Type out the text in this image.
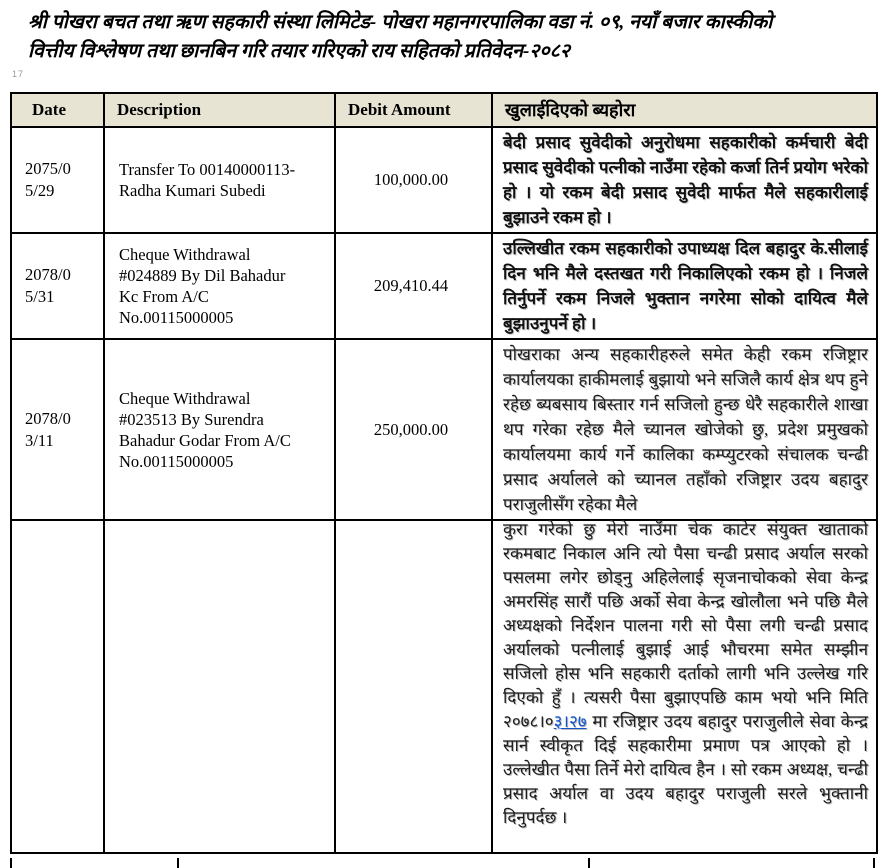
श्री पोखरा बचत तथा ऋण सहकारी संस्था लिमिटेड- पोखरा महानगरपालिका वडा नं. ०९, नयाँ बजार कास्कीको
वित्तीय विश्लेषण तथा छानबिन गरि तयार गरिएको राय सहितको प्रतिवेदन-२०८२
17
Date	Description	Debit Amount	खुलाईदिएको ब्यहोरा

2075/05/29	Transfer To 00140000113-Radha Kumari Subedi	100,000.00	बेदी प्रसाद सुवेदीको अनुरोधमा सहकारीको कर्मचारी बेदी प्रसाद सुवेदीको पत्नीको नाउँमा रहेको कर्जा तिर्न प्रयोग भरेको हो । यो रकम बेदी प्रसाद सुवेदी मार्फत मैले सहकारीलाई बुझाउने रकम हो ।

2078/05/31	Cheque Withdrawal #024889 By Dil Bahadur Kc From A/C No.00115000005	209,410.44	उल्लिखीत रकम सहकारीको उपाध्यक्ष दिल बहादुर के.सीलाई दिन भनि मैले दस्तखत गरी निकालिएको रकम हो । निजले तिर्नुपर्ने रकम निजले भुक्तान नगरेमा सोको दायित्व मैले बुझाउनुपर्ने हो ।

2078/03/11	Cheque Withdrawal #023513 By Surendra Bahadur Godar From A/C No.00115000005	250,000.00	पोखराका अन्य सहकारीहरुले समेत केही रकम रजिष्ट्रार कार्यालयका हाकीमलाई बुझायो भने सजिलै कार्य क्षेत्र थप हुने रहेछ ब्यबसाय बिस्तार गर्न सजिलो हुन्छ धेरै सहकारीले शाखा थप गरेका रहेछ मैले च्यानल खोजेको छु, प्रदेश प्रमुखको कार्यालयमा कार्य गर्ने कालिका कम्प्युटरको संचालक चन्ढी प्रसाद अर्यालले को च्यानल तहाँको रजिष्ट्रार उदय बहादुर पराजुलीसँग रहेका मैले
			कुरा गरेको छु मेरो नाउँमा चेक काटेर संयुक्त खाताको रकमबाट निकाल अनि त्यो पैसा चन्ढी प्रसाद अर्याल सरको पसलमा लगेर छोड्नु अहिलेलाई सृजनाचोकको सेवा केन्द्र अमरसिंह सारौं पछि अर्को सेवा केन्द्र खोलौला भने पछि मैले अध्यक्षको निर्देशन पालना गरी सो पैसा लगी चन्ढी प्रसाद अर्यालको पत्नीलाई बुझाई आई भौचरमा समेत सम्झीन सजिलो होस भनि सहकारी दर्ताको लागी भनि उल्लेख गरि दिएको हुँ । त्यसरी पैसा बुझाएपछि काम भयो भनि मिति २०७८।०३।२७ मा रजिष्ट्रार उदय बहादुर पराजुलीले सेवा केन्द्र सार्न स्वीकृत दिई सहकारीमा प्रमाण पत्र आएको हो । उल्लेखीत पैसा तिर्ने मेरो दायित्व हैन । सो रकम अध्यक्ष, चन्ढी प्रसाद अर्याल वा उदय बहादुर पराजुली सरले भुक्तानी दिनुपर्दछ ।
